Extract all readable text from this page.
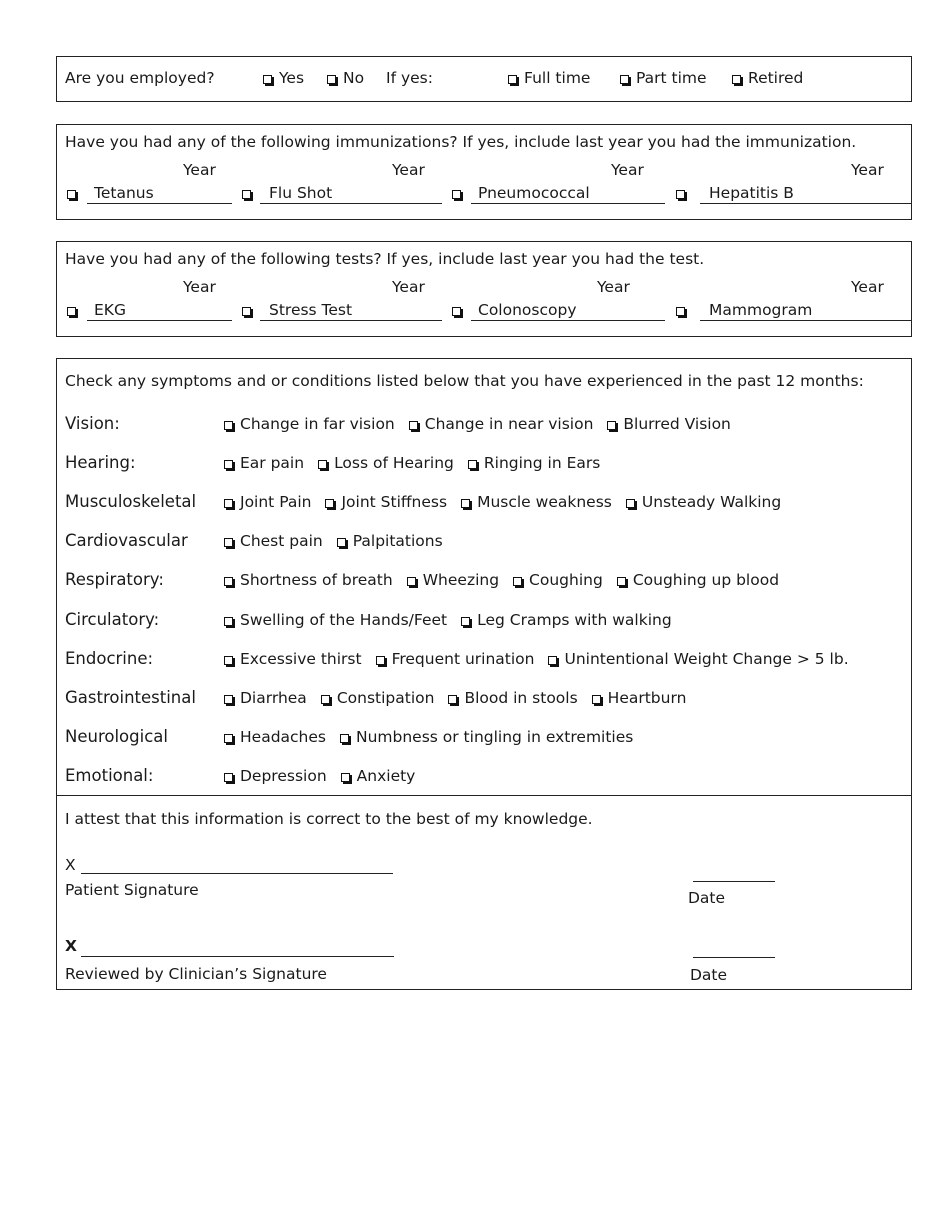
Are you employed?	Yes	No If yes:	Full time	Part time	Retired
Have you had any of the following immunizations? If yes, include last year you had the immunization.
Year	Year	Year	Year
Tetanus	Flu Shot	Pneumococcal	Hepatitis B
Have you had any of the following tests? If yes, include last year you had the test.
Year	Year	Year	Year
EKG	Stress Test	Colonoscopy	Mammogram
Check any symptoms and or conditions listed below that you have experienced in the past 12 months:
Vision:	Change in far vision Change in near vision Blurred Vision
Hearing:	Ear pain Loss of Hearing Ringing in Ears
Musculoskeletal	Joint Pain Joint Stiffness Muscle weakness Unsteady Walking
Cardiovascular	Chest pain Palpitations
Respiratory:	Shortness of breath Wheezing Coughing Coughing up blood
Circulatory:	Swelling of the Hands/Feet Leg Cramps with walking
Endocrine:	Excessive thirst Frequent urination Unintentional Weight Change > 5 lb.
Gastrointestinal	Diarrhea Constipation Blood in stools Heartburn
Neurological	Headaches Numbness or tingling in extremities
Emotional:	Depression Anxiety
I attest that this information is correct to the best of my knowledge.
X
Patient Signature	Date
X
Reviewed by Clinician’s Signature	Date
